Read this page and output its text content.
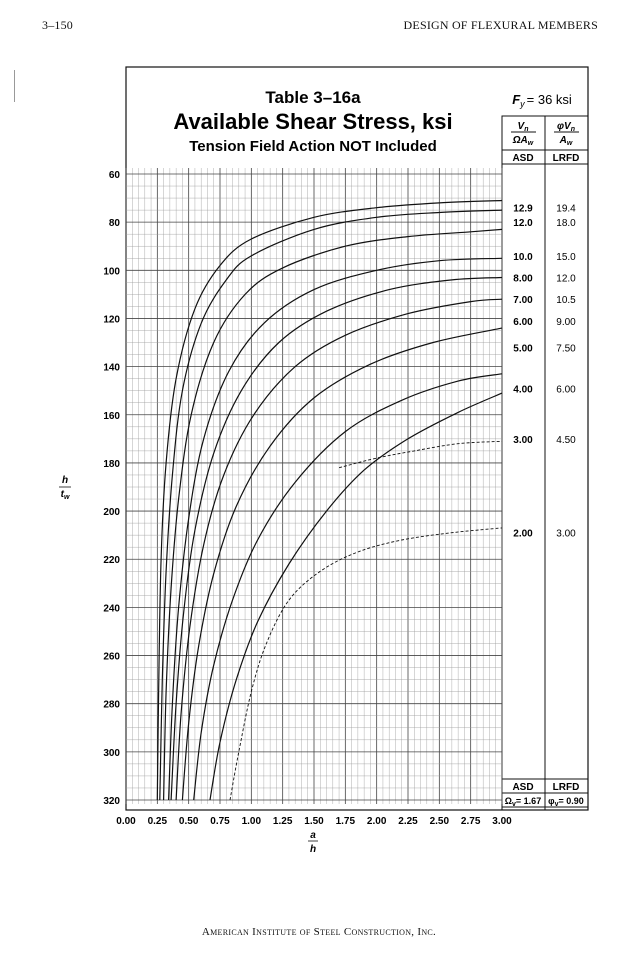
3–150	DESIGN OF FLEXURAL MEMBERS
Table 3–16a
Available Shear Stress, ksi
Tension Field Action NOT Included
$F_y = 36$ ksi
$V_n$
$\Omega A_w$
$\varphi V_n$
$A_w$
ASD LRFD
ASD LRFD
$\Omega_v= 1.67$ $\varphi_v= 0.90$
0.00 0.25 0.50 0.75 1.00 1.25 1.50 1.75 2.00 2.25 2.50 2.75 3.00
60
80
100
120
140
160
180
200
220
240
260
280
300
320
12.9 19.4
12.0 18.0
10.0 15.0
8.00 12.0
7.00 10.5
6.00 9.00
5.00 7.50
4.00 6.00
3.00 4.50
2.00 3.00
a
h
h
$t_w$
American Institute of Steel Construction, Inc.
